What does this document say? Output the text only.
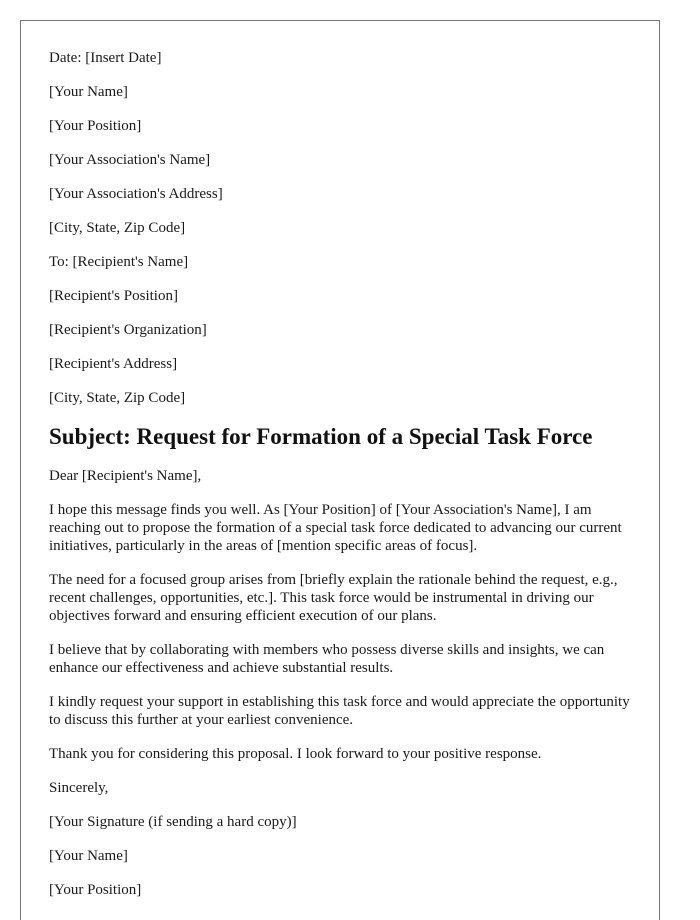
Date: [Insert Date]

[Your Name]

[Your Position]

[Your Association's Name]

[Your Association's Address]

[City, State, Zip Code]

To: [Recipient's Name]

[Recipient's Position]

[Recipient's Organization]

[Recipient's Address]

[City, State, Zip Code]

Subject: Request for Formation of a Special Task Force

Dear [Recipient's Name],

I hope this message finds you well. As [Your Position] of [Your Association's Name], I am reaching out to propose the formation of a special task force dedicated to advancing our current initiatives, particularly in the areas of [mention specific areas of focus].

The need for a focused group arises from [briefly explain the rationale behind the request, e.g., recent challenges, opportunities, etc.]. This task force would be instrumental in driving our objectives forward and ensuring efficient execution of our plans.

I believe that by collaborating with members who possess diverse skills and insights, we can enhance our effectiveness and achieve substantial results.

I kindly request your support in establishing this task force and would appreciate the opportunity to discuss this further at your earliest convenience.

Thank you for considering this proposal. I look forward to your positive response.

Sincerely,

[Your Signature (if sending a hard copy)]

[Your Name]

[Your Position]
